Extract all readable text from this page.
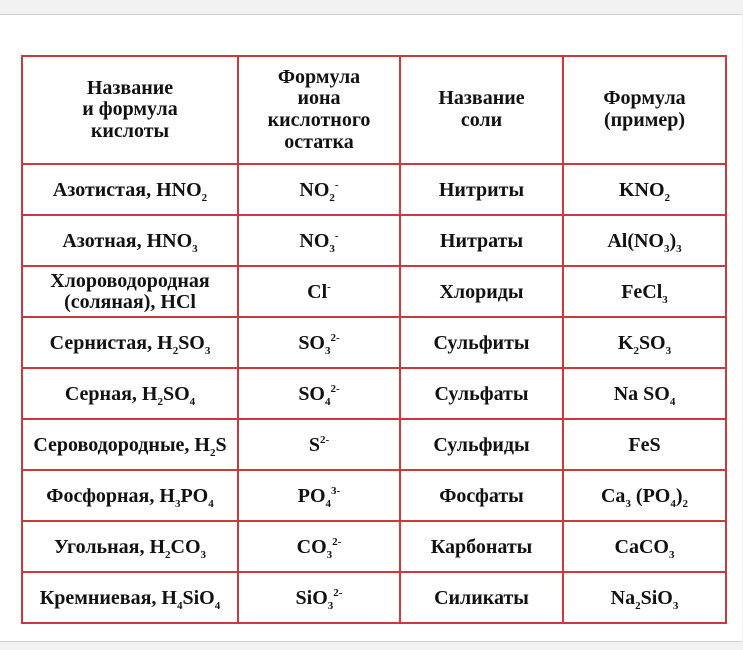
Название
и формула
кислоты	Формула
иона
кислотного
остатка	Название
соли	Формула
(пример)
Азотистая, $HNO_2$	$NO_2^-$	Нитриты	$KNO_2$
Азотная, $HNO_3$	$NO_3^-$	Нитраты	$Al(NO_3)_3$
Хлороводородная
(соляная), HCl	Cl-	Хлориды	FeCl$_3$
Сернистая, $H_2SO_3$	$SO_3^{2-}$	Сульфиты	$K_2SO_3$
Серная, $H_2SO_4$	$SO_4^{2-}$	Сульфаты	Na $SO_4$
Сероводородные, $H_2S$	$S^{2-}$	Сульфиды	FeS
Фосфорная, $H_3PO_4$	$PO_4^{3-}$	Фосфаты	$Ca_3$ $(PO_4)_2$
Угольная, $H_2CO_3$	$CO_3^{2-}$	Карбонаты	CaCO$_3$
Кремниевая, $H_4SiO_4$	SiO$_3^{2-}$	Силикаты	$Na_2SiO_3$
